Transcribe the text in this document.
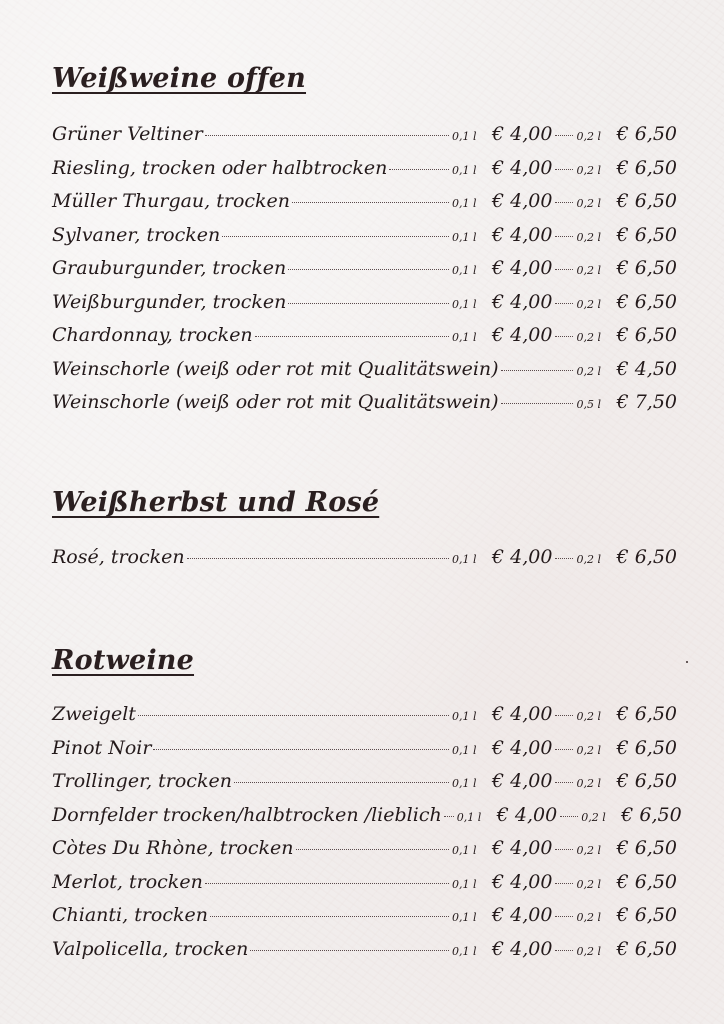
Weißweine offen
Grüner Veltiner	0,1 l € 4,00 0,2 l € 6,50
Riesling, trocken oder halbtrocken	0,1 l € 4,00 0,2 l € 6,50
Müller Thurgau, trocken	0,1 l € 4,00 0,2 l € 6,50
Sylvaner, trocken	0,1 l € 4,00 0,2 l € 6,50
Grauburgunder, trocken	0,1 l € 4,00 0,2 l € 6,50
Weißburgunder, trocken	0,1 l € 4,00 0,2 l € 6,50
Chardonnay, trocken	0,1 l € 4,00 0,2 l € 6,50
Weinschorle (weiß oder rot mit Qualitätswein)	0,2 l € 4,50
Weinschorle (weiß oder rot mit Qualitätswein)	0,5 l € 7,50
Weißherbst und Rosé
Rosé, trocken	0,1 l € 4,00 0,2 l € 6,50
Rotweine
Zweigelt	0,1 l € 4,00 0,2 l € 6,50
Pinot Noir	0,1 l € 4,00 0,2 l € 6,50
Trollinger, trocken	0,1 l € 4,00 0,2 l € 6,50
Dornfelder trocken/halbtrocken /lieblich 0,1 l € 4,00 0,2 l € 6,50
Còtes Du Rhòne, trocken	0,1 l € 4,00 0,2 l € 6,50
Merlot, trocken	0,1 l € 4,00 0,2 l € 6,50
Chianti, trocken	0,1 l € 4,00 0,2 l € 6,50
Valpolicella, trocken	0,1 l € 4,00 0,2 l € 6,50
